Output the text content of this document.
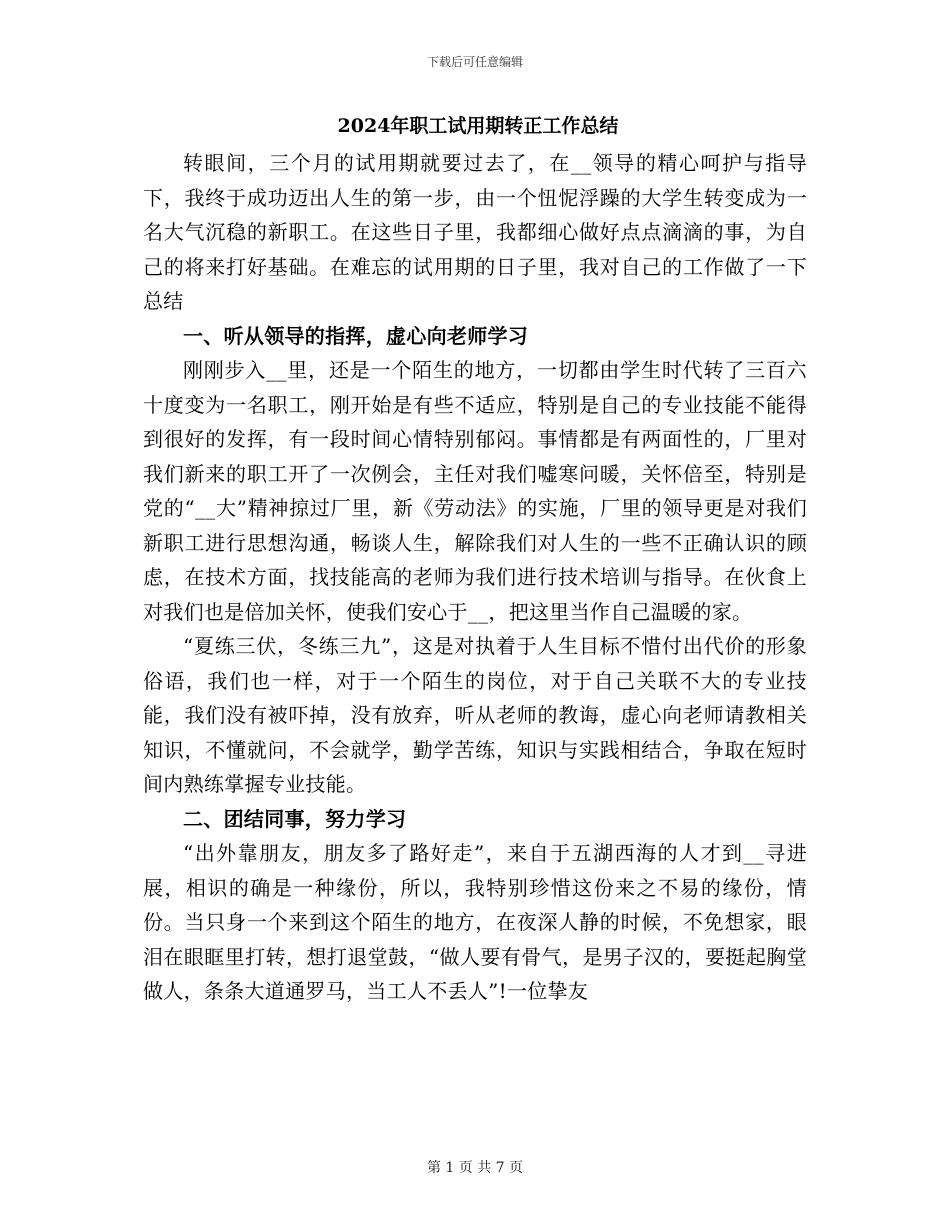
下载后可任意编辑
2024年职工试用期转正工作总结

转眼间，三个月的试用期就要过去了，在__领导的精心呵护与指导下，我终于成功迈出人生的第一步，由一个忸怩浮躁的大学生转变成为一名大气沉稳的新职工。在这些日子里，我都细心做好点点滴滴的事，为自己的将来打好基础。在难忘的试用期的日子里，我对自己的工作做了一下总结

一、听从领导的指挥，虚心向老师学习

刚刚步入__里，还是一个陌生的地方，一切都由学生时代转了三百六十度变为一名职工，刚开始是有些不适应，特别是自己的专业技能不能得到很好的发挥，有一段时间心情特别郁闷。事情都是有两面性的，厂里对我们新来的职工开了一次例会，主任对我们嘘寒问暖，关怀倍至，特别是党的“__大”精神掠过厂里，新《劳动法》的实施，厂里的领导更是对我们新职工进行思想沟通，畅谈人生，解除我们对人生的一些不正确认识的顾虑，在技术方面，找技能高的老师为我们进行技术培训与指导。在伙食上对我们也是倍加关怀，使我们安心于__，把这里当作自己温暖的家。

“夏练三伏，冬练三九”，这是对执着于人生目标不惜付出代价的形象俗语，我们也一样，对于一个陌生的岗位，对于自己关联不大的专业技能，我们没有被吓掉，没有放弃，听从老师的教诲，虚心向老师请教相关知识，不懂就问，不会就学，勤学苦练，知识与实践相结合，争取在短时间内熟练掌握专业技能。

二、团结同事，努力学习

“出外靠朋友，朋友多了路好走”，来自于五湖西海的人才到__寻进展，相识的确是一种缘份，所以，我特别珍惜这份来之不易的缘份，情份。当只身一个来到这个陌生的地方，在夜深人静的时候，不免想家，眼泪在眼眶里打转，想打退堂鼓，“做人要有骨气，是男子汉的，要挺起胸堂做人，条条大道通罗马，当工人不丢人”!一位挚友

第 1 页 共 7 页
